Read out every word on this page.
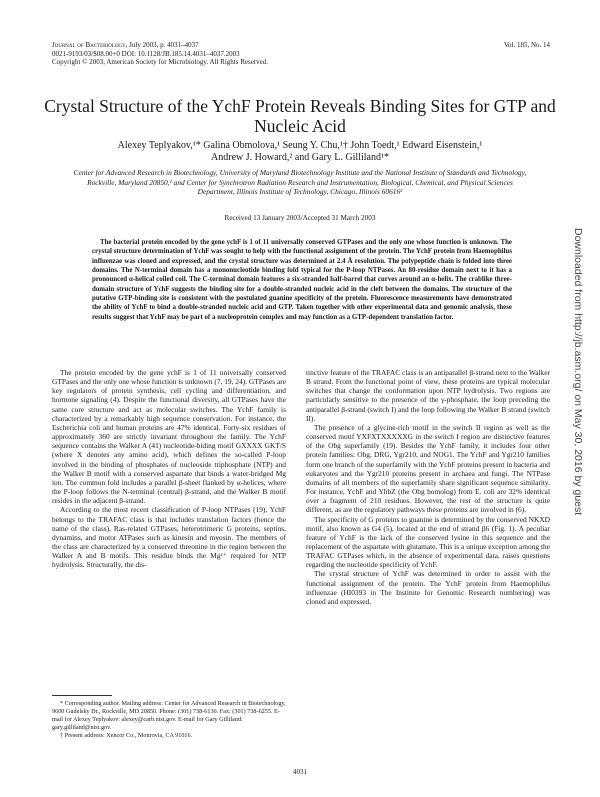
Journal of Bacteriology, July 2003, p. 4031–4037
0021-9193/03/$08.00+0 DOI: 10.1128/JB.185.14.4031–4037.2003
Copyright © 2003, American Society for Microbiology. All Rights Reserved.
Vol. 185, No. 14
Crystal Structure of the YchF Protein Reveals Binding Sites for GTP and Nucleic Acid
Alexey Teplyakov,¹* Galina Obmolova,¹ Seung Y. Chu,¹† John Toedt,¹ Edward Eisenstein,¹
Andrew J. Howard,² and Gary L. Gilliland¹*
Center for Advanced Research in Biotechnology, University of Maryland Biotechnology Institute and the National Institute of Standards and Technology, Rockville, Maryland 20850,¹ and Center for Synchrotron Radiation Research and Instrumentation, Biological, Chemical, and Physical Sciences Department, Illinois Institute of Technology, Chicago, Illinois 60616²
Received 13 January 2003/Accepted 31 March 2003

The bacterial protein encoded by the gene ychF is 1 of 11 universally conserved GTPases and the only one whose function is unknown. The crystal structure determination of YchF was sought to help with the functional assignment of the protein. The YchF protein from Haemophilus influenzae was cloned and expressed, and the crystal structure was determined at 2.4 Å resolution. The polypeptide chain is folded into three domains. The N-terminal domain has a mononucleotide binding fold typical for the P-loop NTPases. An 80-residue domain next to it has a pronounced α-helical coiled coil. The C-terminal domain features a six-stranded half-barrel that curves around an α-helix. The crablike three-domain structure of YchF suggests the binding site for a double-stranded nucleic acid in the cleft between the domains. The structure of the putative GTP-binding site is consistent with the postulated guanine specificity of the protein. Fluorescence measurements have demonstrated the ability of YchF to bind a double-stranded nucleic acid and GTP. Taken together with other experimental data and genomic analysis, these results suggest that YchF may be part of a nucleoprotein complex and may function as a GTP-dependent translation factor.

The protein encoded by the gene ychF is 1 of 11 universally conserved GTPases and the only one whose function is unknown (7, 19, 24). GTPases are key regulators of protein synthesis, cell cycling and differentiation, and hormone signaling (4). Despite the functional diversity, all GTPases have the same core structure and act as molecular switches. The YchF family is characterized by a remarkably high sequence conservation. For instance, the Escherichia coli and human proteins are 47% identical. Forty-six residues of approximately 360 are strictly invariant throughout the family. The YchF sequence contains the Walker A (41) nucleotide-biding motif GXXXX GKT/S (where X denotes any amino acid), which defines the so-called P-loop involved in the binding of phosphates of nucleoside triphosphate (NTP) and the Walker B motif with a conserved aspartate that binds a water-bridged Mg ion. The common fold includes a parallel β-sheet flanked by α-helices, where the P-loop follows the N-terminal (central) β-strand, and the Walker B motif resides in the adjacent β-strand.

According to the most recent classification of P-loop NTPases (19), YchF belongs to the TRAFAC class is that includes translation factors (hence the name of the class), Ras-related GTPases, heterotrimeric G proteins, septins, dynamins, and motor ATPases such as kinesin and myosin. The members of the class are characterized by a conserved threonine in the region between the Walker A and B motifs. This residue binds the Mg²⁺ required for NTP hydrolysis. Structurally, the dis-

tinctive feature of the TRAFAC class is an antiparallel β-strand next to the Walker B strand. From the functional point of view, these proteins are typical molecular switches that change the conformation upon NTP hydrolysis. Two regions are particularly sensitive to the presence of the γ-phosphate, the loop preceding the antiparallel β-strand (switch I) and the loop following the Walker B strand (switch II).

The presence of a glycine-rich motif in the switch II region as well as the conserved motif YXFXTXXXXXG in the switch I region are distinctive features of the Obg superfamily (19). Besides the YchF family, it includes four other protein families: Obg, DRG, Ygr210, and NOG1. The YchF and Ygr210 families form one branch of the superfamily with the YchF proteins present in bacteria and eukaryotes and the Ygr210 proteins present in archaea and fungi. The NTPase domains of all members of the superfamily share significant sequence similarity. For instance, YchF and YhbZ (the Obg homolog) from E. coli are 32% identical over a fragment of 210 residues. However, the rest of the structure is quite different, as are the regulatory pathways these proteins are involved in (6).

The specificity of G proteins to guanine is determined by the conserved NKXD motif, also known as G4 (5), located at the end of strand β6 (Fig. 1). A peculiar feature of YchF is the lack of the conserved lysine in this sequence and the replacement of the aspartate with glutamate. This is a unique exception among the TRAFAC GTPases which, in the absence of experimental data, raises questions regarding the nucleotide specificity of YchF.

The crystal structure of YchF was determined in order to assist with the functional assignment of the protein. The YchF protein from Haemophilus influenzae (HI0393 in The Institute for Genomic Research numbering) was cloned and expressed,

* Corresponding author. Mailing address: Center for Advanced Research in Biotechnology, 9600 Gudelsky Dr., Rockville, MD 20850. Phone: (301) 738-6130. Fax: (301) 738-6255. E-mail for Alexey Teplyakov: alexey@carb.nist.gov. E-mail for Gary Gilliland: gary.gilliland@nist.gov.

† Present address: Xencor Co., Monrovia, CA 91016.

4031
Downloaded from http://jb.asm.org/ on May 30, 2016 by guest
